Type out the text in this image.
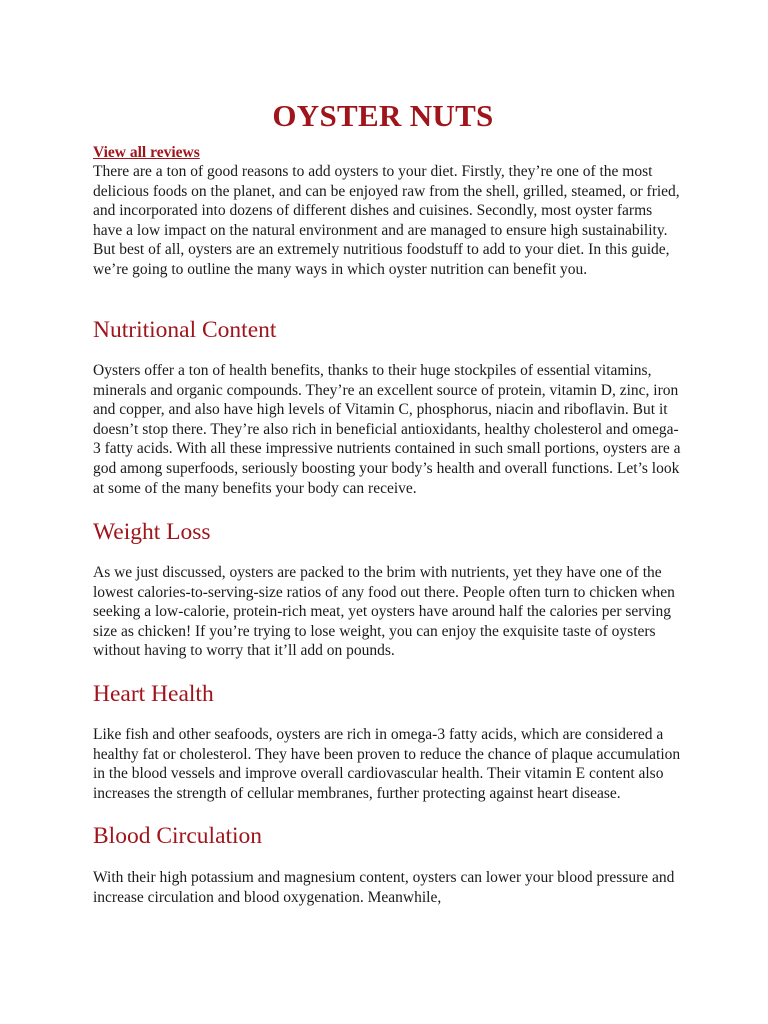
OYSTER NUTS
View all reviews

There are a ton of good reasons to add oysters to your diet. Firstly, they’re one of the most delicious foods on the planet, and can be enjoyed raw from the shell, grilled, steamed, or fried, and incorporated into dozens of different dishes and cuisines. Secondly, most oyster farms have a low impact on the natural environment and are managed to ensure high sustainability. But best of all, oysters are an extremely nutritious foodstuff to add to your diet. In this guide, we’re going to outline the many ways in which oyster nutrition can benefit you.

Nutritional Content

Oysters offer a ton of health benefits, thanks to their huge stockpiles of essential vitamins, minerals and organic compounds. They’re an excellent source of protein, vitamin D, zinc, iron and copper, and also have high levels of Vitamin C, phosphorus, niacin and riboflavin. But it doesn’t stop there. They’re also rich in beneficial antioxidants, healthy cholesterol and omega-3 fatty acids. With all these impressive nutrients contained in such small portions, oysters are a god among superfoods, seriously boosting your body’s health and overall functions. Let’s look at some of the many benefits your body can receive.

Weight Loss

As we just discussed, oysters are packed to the brim with nutrients, yet they have one of the lowest calories-to-serving-size ratios of any food out there. People often turn to chicken when seeking a low-calorie, protein-rich meat, yet oysters have around half the calories per serving size as chicken! If you’re trying to lose weight, you can enjoy the exquisite taste of oysters without having to worry that it’ll add on pounds.

Heart Health

Like fish and other seafoods, oysters are rich in omega-3 fatty acids, which are considered a healthy fat or cholesterol. They have been proven to reduce the chance of plaque accumulation in the blood vessels and improve overall cardiovascular health. Their vitamin E content also increases the strength of cellular membranes, further protecting against heart disease.

Blood Circulation

With their high potassium and magnesium content, oysters can lower your blood pressure and increase circulation and blood oxygenation. Meanwhile,
